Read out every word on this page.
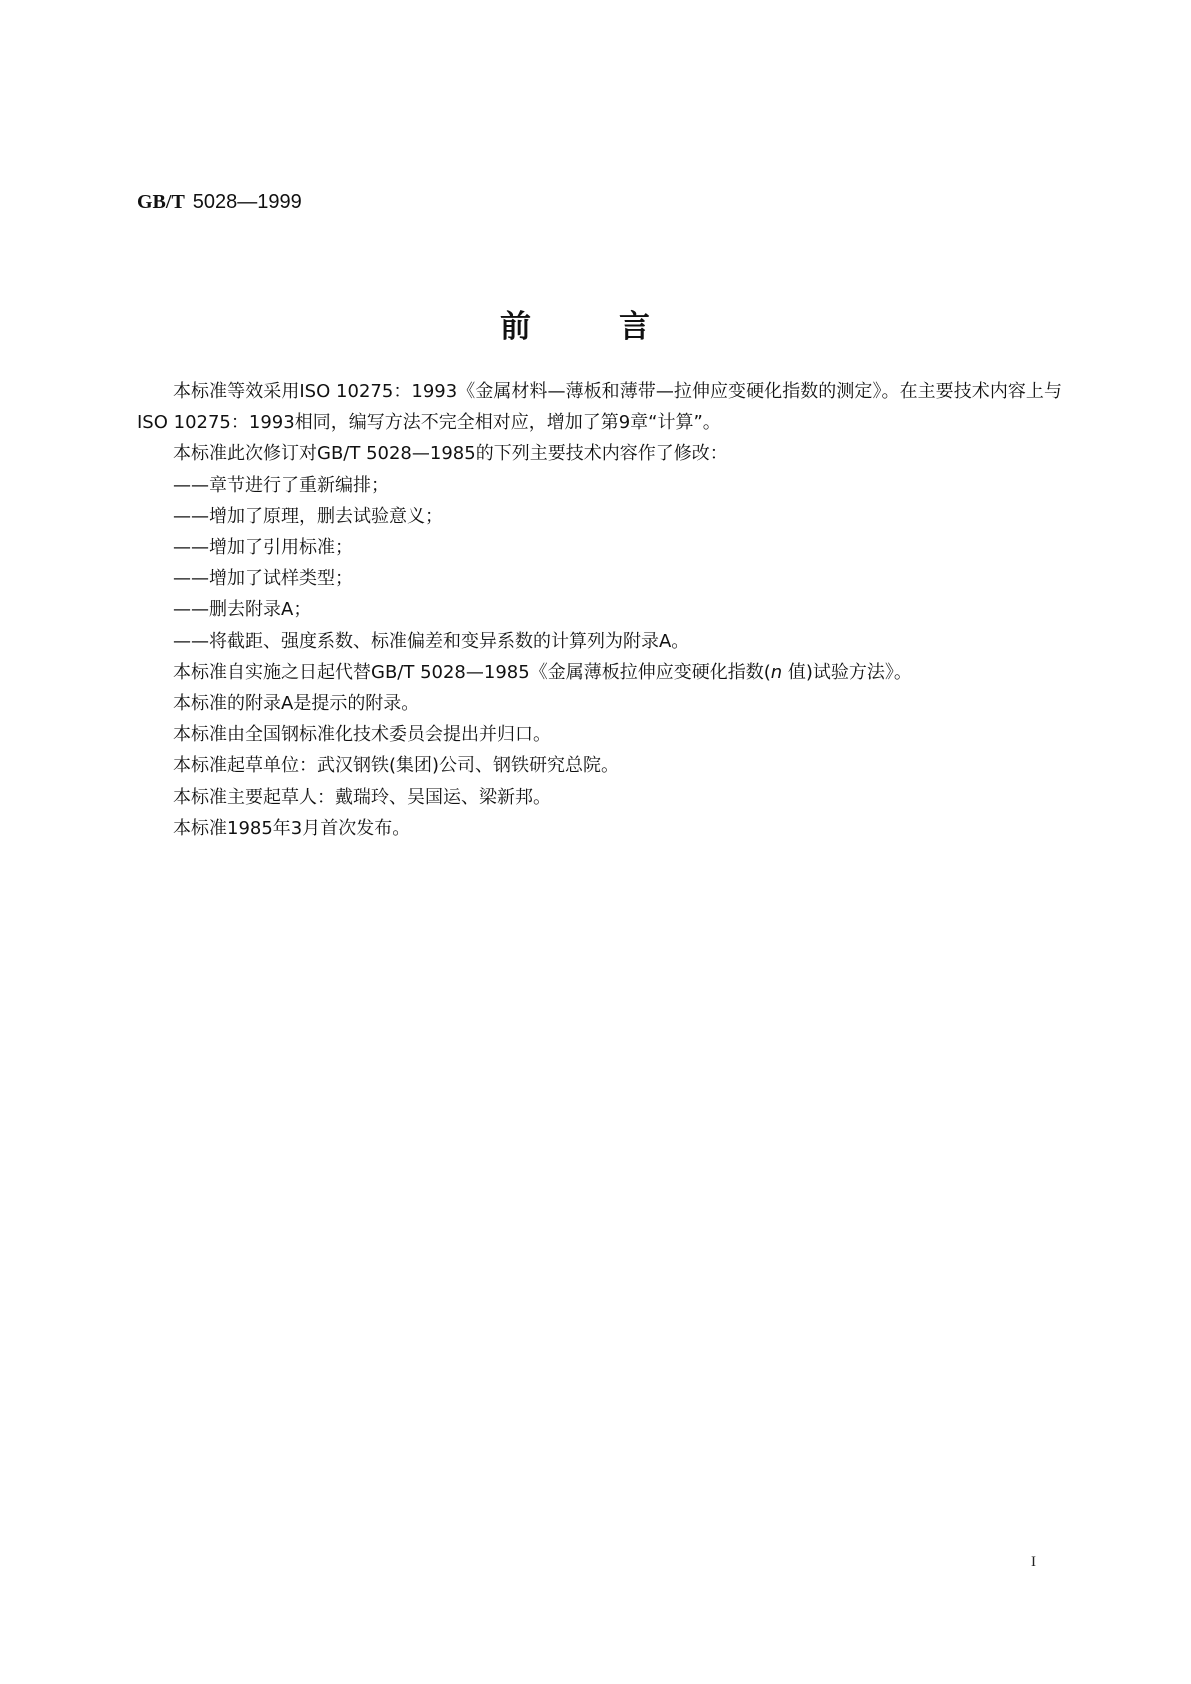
GB/T 5028—1999
前	言

本标准等效采用ISO 10275：1993《金属材料—薄板和薄带—拉伸应变硬化指数的测定》。在主要技术内容上与ISO 10275：1993相同，编写方法不完全相对应，增加了第9章“计算”。

本标准此次修订对GB/T 5028—1985的下列主要技术内容作了修改：

——章节进行了重新编排；

——增加了原理，删去试验意义；

——增加了引用标准；

——增加了试样类型；

——删去附录A；

——将截距、强度系数、标准偏差和变异系数的计算列为附录A。

本标准自实施之日起代替GB/T 5028—1985《金属薄板拉伸应变硬化指数(n 值)试验方法》。

本标准的附录A是提示的附录。

本标准由全国钢标准化技术委员会提出并归口。

本标准起草单位：武汉钢铁(集团)公司、钢铁研究总院。

本标准主要起草人：戴瑞玲、吴国运、梁新邦。

本标准1985年3月首次发布。

I
